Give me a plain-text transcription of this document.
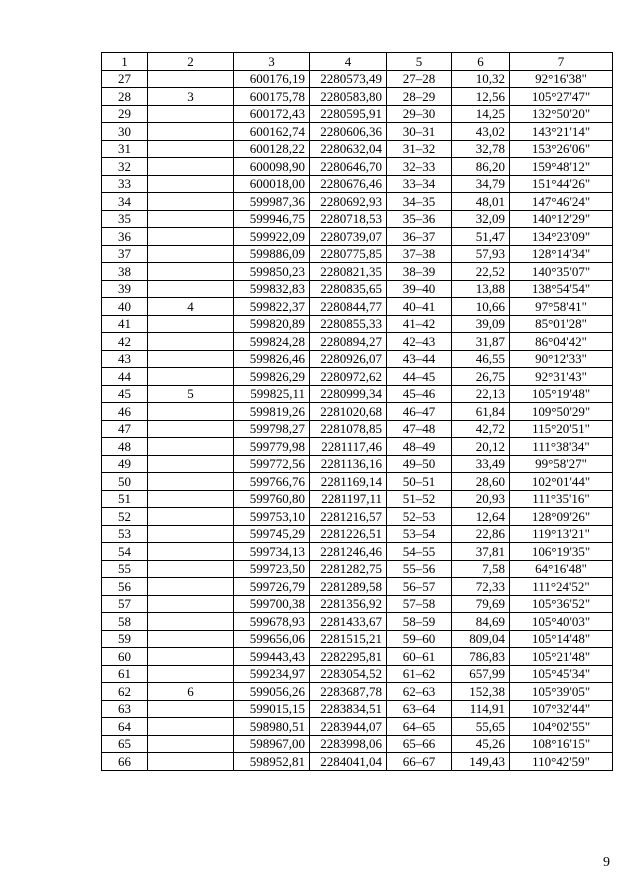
1	2	3	4	5	6	7
27		600176,19	2280573,49	27–28	10,32	92°16'38"
28	3	600175,78	2280583,80	28–29	12,56	105°27'47"
29		600172,43	2280595,91	29–30	14,25	132°50'20"
30		600162,74	2280606,36	30–31	43,02	143°21'14"
31		600128,22	2280632,04	31–32	32,78	153°26'06"
32		600098,90	2280646,70	32–33	86,20	159°48'12"
33		600018,00	2280676,46	33–34	34,79	151°44'26"
34		599987,36	2280692,93	34–35	48,01	147°46'24"
35		599946,75	2280718,53	35–36	32,09	140°12'29"
36		599922,09	2280739,07	36–37	51,47	134°23'09"
37		599886,09	2280775,85	37–38	57,93	128°14'34"
38		599850,23	2280821,35	38–39	22,52	140°35'07"
39		599832,83	2280835,65	39–40	13,88	138°54'54"
40	4	599822,37	2280844,77	40–41	10,66	97°58'41"
41		599820,89	2280855,33	41–42	39,09	85°01'28"
42		599824,28	2280894,27	42–43	31,87	86°04'42"
43		599826,46	2280926,07	43–44	46,55	90°12'33"
44		599826,29	2280972,62	44–45	26,75	92°31'43"
45	5	599825,11	2280999,34	45–46	22,13	105°19'48"
46		599819,26	2281020,68	46–47	61,84	109°50'29"
47		599798,27	2281078,85	47–48	42,72	115°20'51"
48		599779,98	2281117,46	48–49	20,12	111°38'34"
49		599772,56	2281136,16	49–50	33,49	99°58'27"
50		599766,76	2281169,14	50–51	28,60	102°01'44"
51		599760,80	2281197,11	51–52	20,93	111°35'16"
52		599753,10	2281216,57	52–53	12,64	128°09'26"
53		599745,29	2281226,51	53–54	22,86	119°13'21"
54		599734,13	2281246,46	54–55	37,81	106°19'35"
55		599723,50	2281282,75	55–56	7,58	64°16'48"
56		599726,79	2281289,58	56–57	72,33	111°24'52"
57		599700,38	2281356,92	57–58	79,69	105°36'52"
58		599678,93	2281433,67	58–59	84,69	105°40'03"
59		599656,06	2281515,21	59–60	809,04	105°14'48"
60		599443,43	2282295,81	60–61	786,83	105°21'48"
61		599234,97	2283054,52	61–62	657,99	105°45'34"
62	6	599056,26	2283687,78	62–63	152,38	105°39'05"
63		599015,15	2283834,51	63–64	114,91	107°32'44"
64		598980,51	2283944,07	64–65	55,65	104°02'55"
65		598967,00	2283998,06	65–66	45,26	108°16'15"
66		598952,81	2284041,04	66–67	149,43	110°42'59"
9
